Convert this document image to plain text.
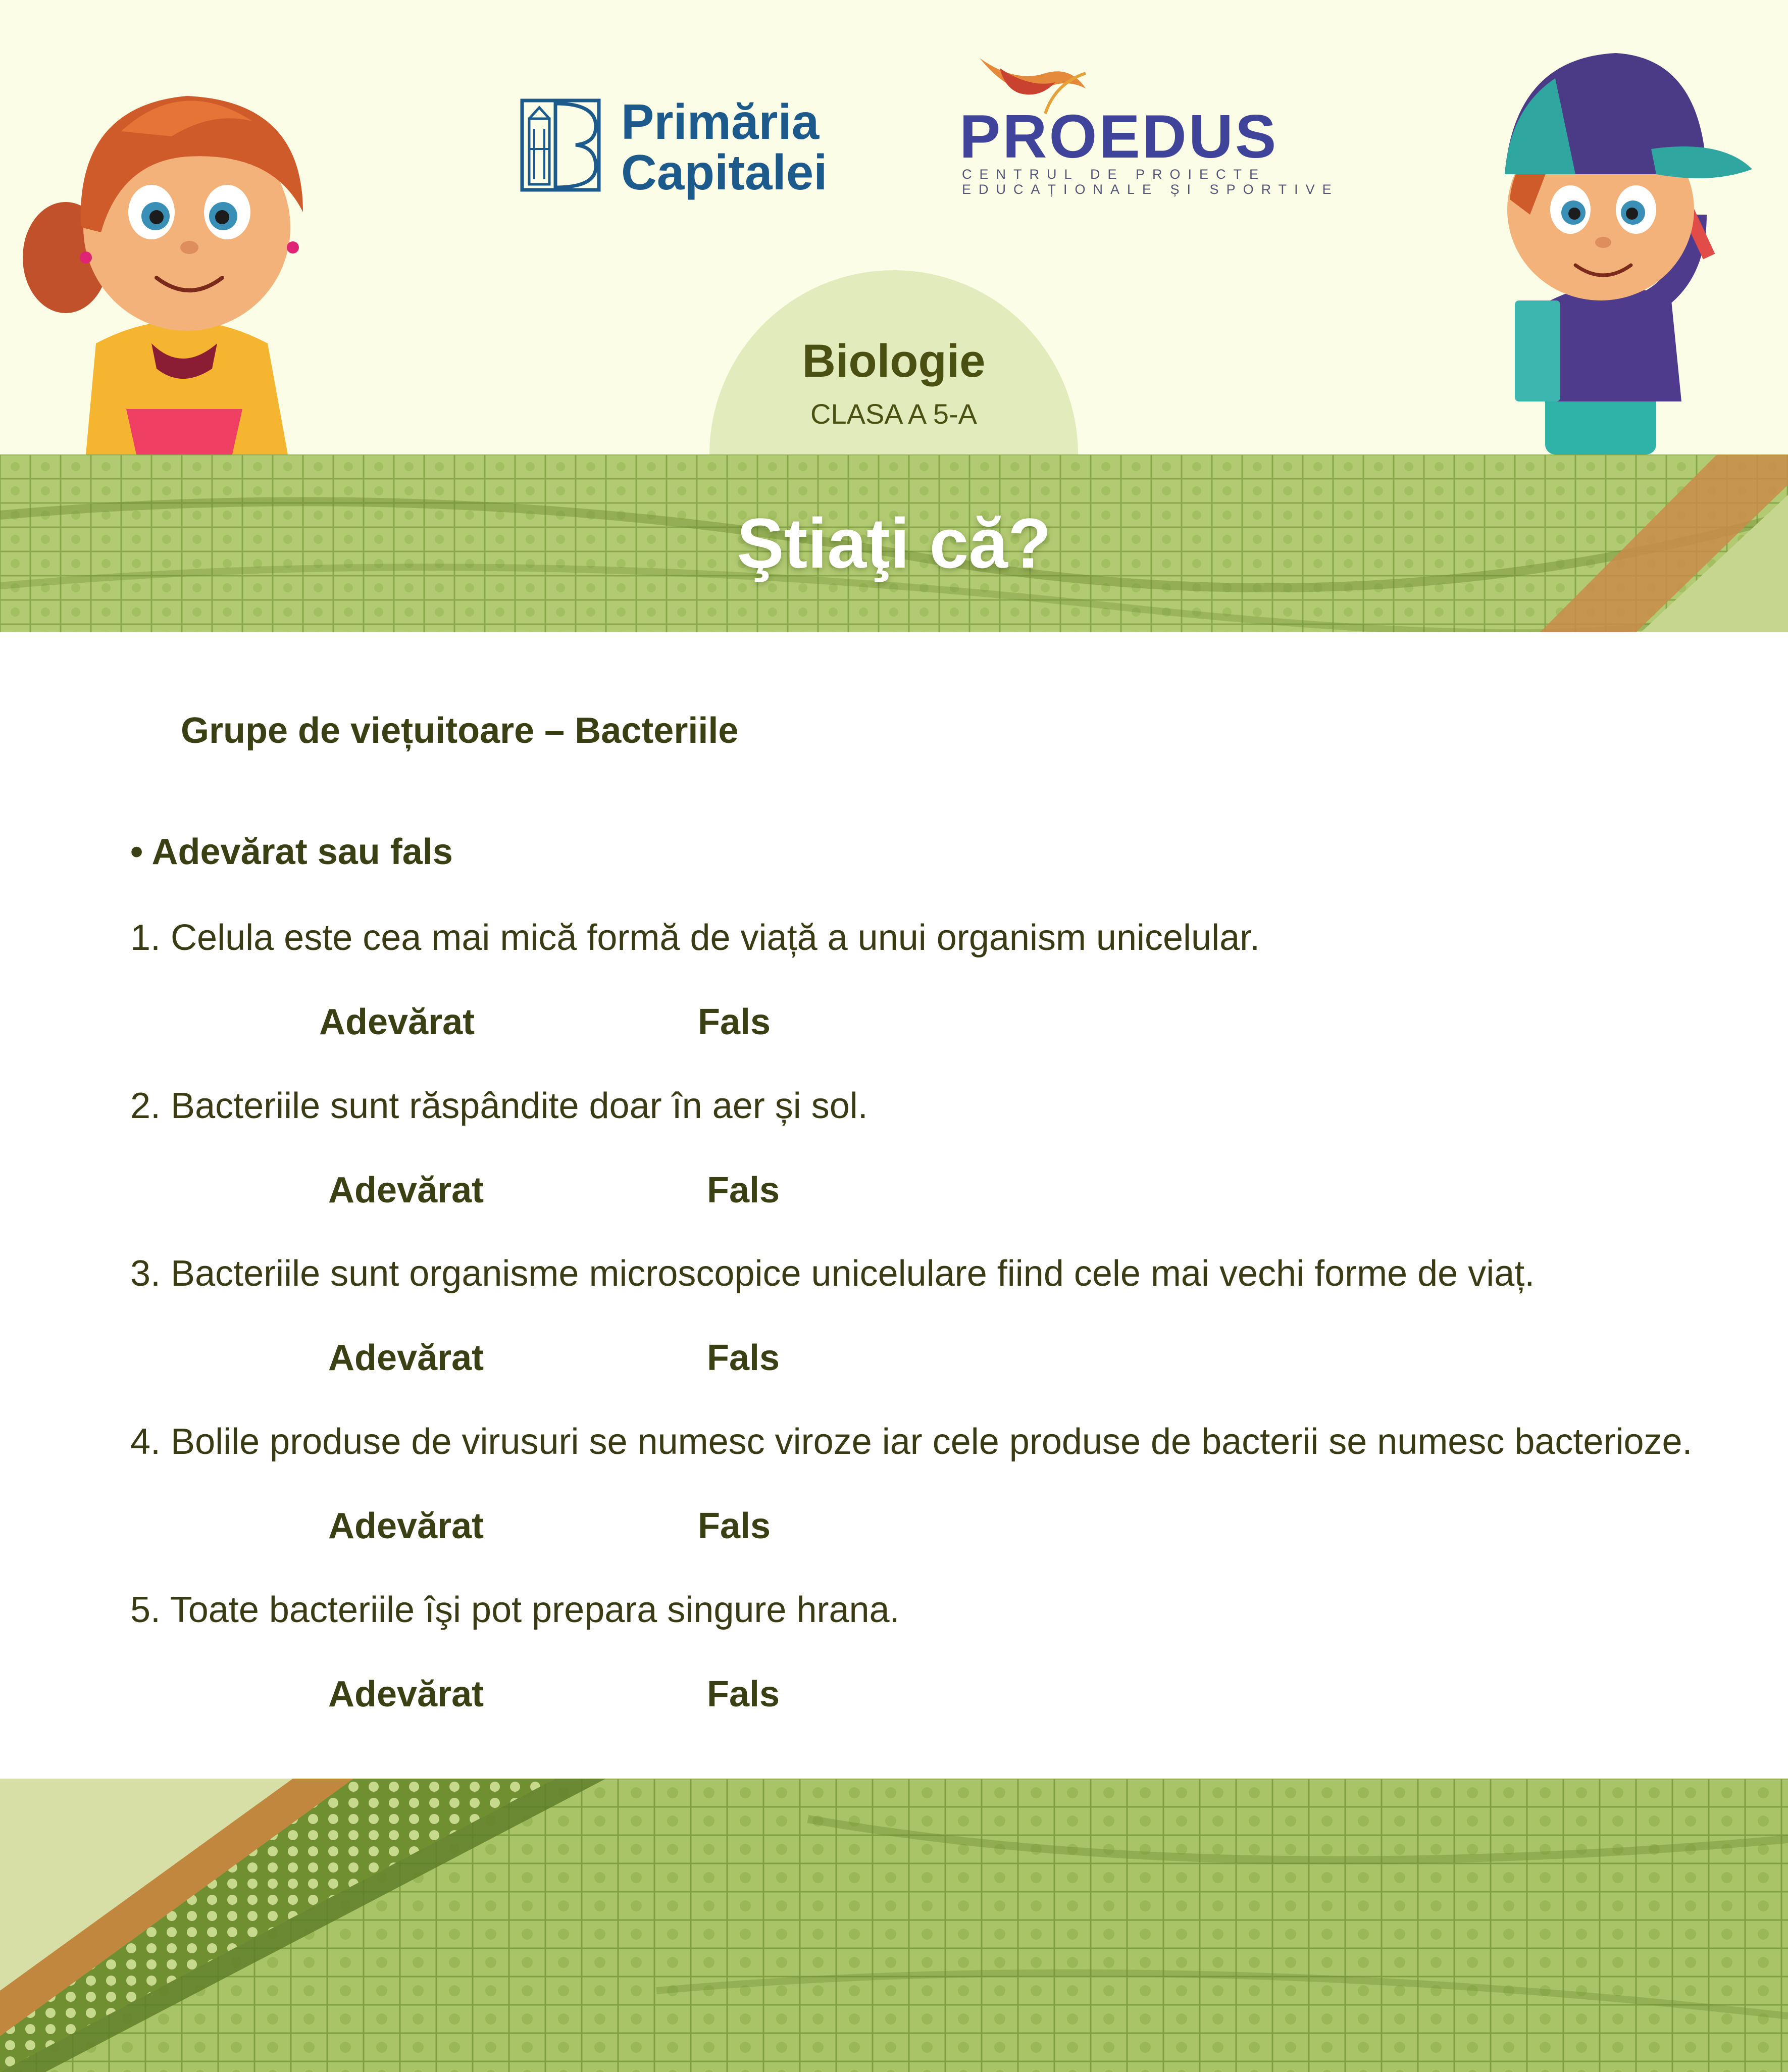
Primăria
Capitalei
PROEDUS
CENTRUL DE PROIECTE
EDUCAȚIONALE ȘI SPORTIVE
Biologie
CLASA A 5-A
Ştiaţi că?
Grupe de viețuitoare – Bacteriile
• Adevărat sau fals
1. Celula este cea mai mică formă de viață a unui organism unicelular.
Adevărat	Fals
2. Bacteriile sunt răspândite doar în aer și sol.
Adevărat	Fals
3. Bacteriile sunt organisme microscopice unicelulare fiind cele mai vechi forme de viaț.
Adevărat	Fals
4. Bolile produse de virusuri se numesc viroze iar cele produse de bacterii se numesc bacterioze.
Adevărat	Fals
5. Toate bacteriile îşi pot prepara singure hrana.
Adevărat	Fals
